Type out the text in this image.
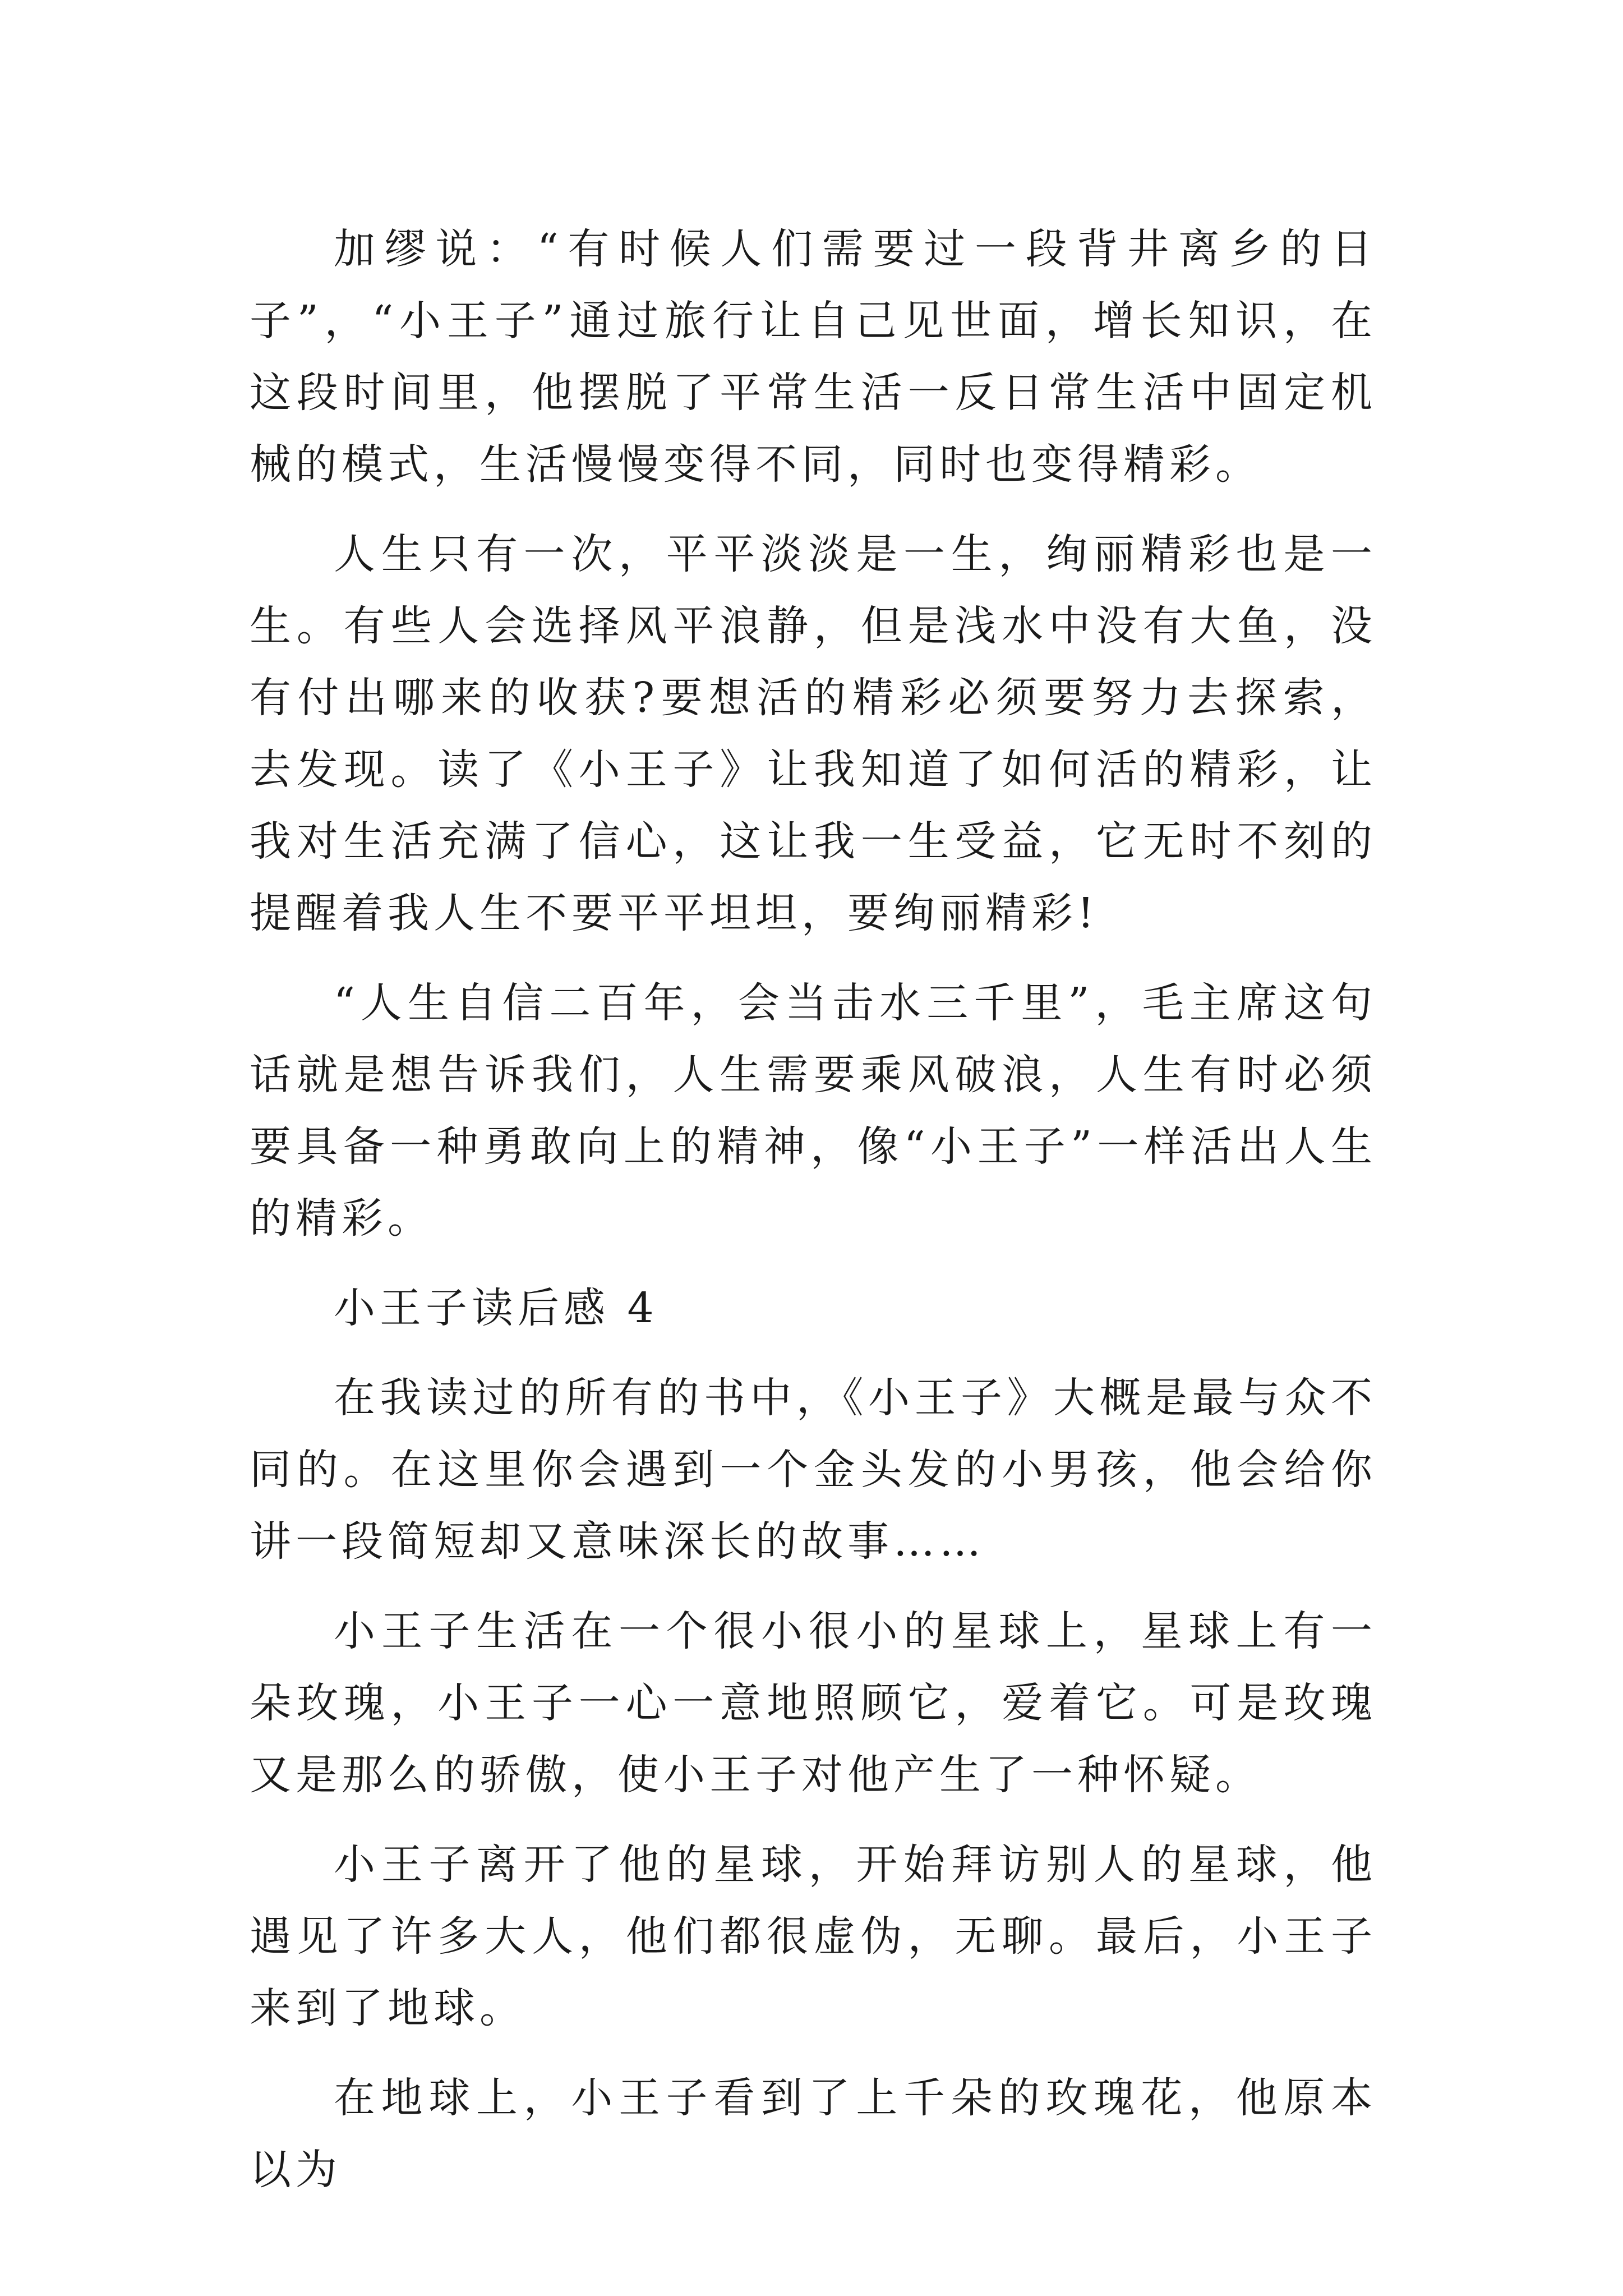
加缪说：“有时候人们需要过一段背井离乡的日子”，“小王子”通过旅行让自己见世面，增长知识，在这段时间里，他摆脱了平常生活一反日常生活中固定机械的模式，生活慢慢变得不同，同时也变得精彩。

人生只有一次，平平淡淡是一生，绚丽精彩也是一生。有些人会选择风平浪静，但是浅水中没有大鱼，没有付出哪来的收获?要想活的精彩必须要努力去探索，去发现。读了《小王子》让我知道了如何活的精彩，让我对生活充满了信心，这让我一生受益，它无时不刻的提醒着我人生不要平平坦坦，要绚丽精彩!

“人生自信二百年，会当击水三千里”，毛主席这句话就是想告诉我们，人生需要乘风破浪，人生有时必须要具备一种勇敢向上的精神，像“小王子”一样活出人生的精彩。

小王子读后感 4

在我读过的所有的书中，《小王子》大概是最与众不同的。在这里你会遇到一个金头发的小男孩，他会给你讲一段简短却又意味深长的故事……

小王子生活在一个很小很小的星球上，星球上有一朵玫瑰，小王子一心一意地照顾它，爱着它。可是玫瑰又是那么的骄傲，使小王子对他产生了一种怀疑。

小王子离开了他的星球，开始拜访别人的星球，他遇见了许多大人，他们都很虚伪，无聊。最后，小王子来到了地球。

在地球上，小王子看到了上千朵的玫瑰花，他原本以为
